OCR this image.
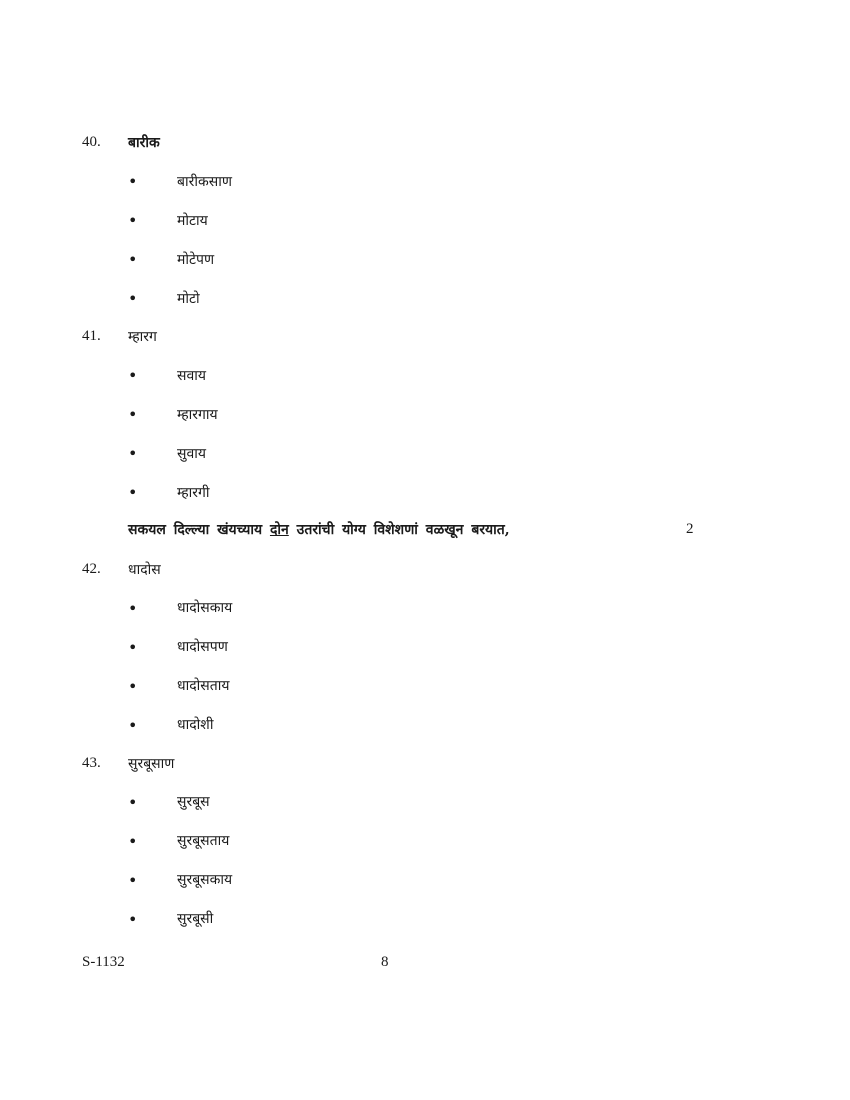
40. बारीक
•	बारीकसाण
•	मोटाय
•	मोटेपण
•	मोटो
41. म्हारग
•	सवाय
•	म्हारगाय
•	सुवाय
•	म्हारगी
सकयल दिल्ल्या खंयच्याय दोन उतरांची योग्य विशेशणां वळखून बरयात,	2
42. धादोस
•	धादोसकाय
•	धादोसपण
•	धादोसताय
•	धादोशी
43. सुरबूसाण
•	सुरबूस
•	सुरबूसताय
•	सुरबूसकाय
•	सुरबूसी
S-1132	8
